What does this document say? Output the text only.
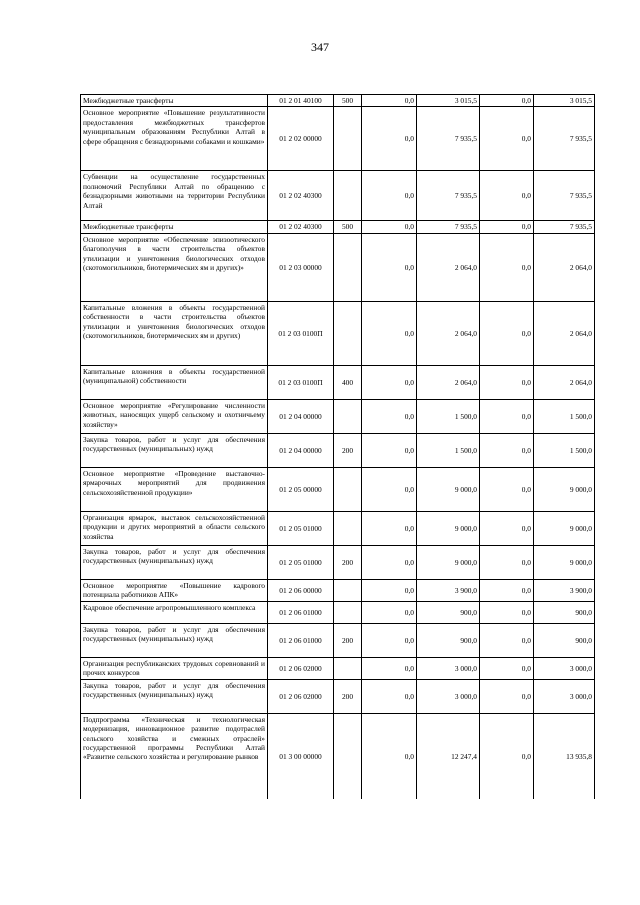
347
Межбюджетные трансферты	01 2 01 40100	500	0,0	3 015,5	0,0	3 015,5
Основное мероприятие «Повышение результативности предоставления межбюджетных трансфертов муниципальным образованиям Республики Алтай в сфере обращения с безнадзорными собаками и кошками»	01 2 02 00000		0,0	7 935,5	0,0	7 935,5
Субвенции на осуществление государственных полномочий Республики Алтай по обращению с безнадзорными животными на территории Республики Алтай	01 2 02 40300		0,0	7 935,5	0,0	7 935,5
Межбюджетные трансферты	01 2 02 40300	500	0,0	7 935,5	0,0	7 935,5
Основное мероприятие «Обеспечение эпизоотического благополучия в части строительства объектов утилизации и уничтожения биологических отходов (скотомогильников, биотермических ям и других)»	01 2 03 00000		0,0	2 064,0	0,0	2 064,0
Капитальные вложения в объекты государственной собственности в части строительства объектов утилизации и уничтожения биологических отходов (скотомогильников, биотермических ям и других)	01 2 03 0100П		0,0	2 064,0	0,0	2 064,0
Капитальные вложения в объекты государственной (муниципальной) собственности	01 2 03 0100П	400	0,0	2 064,0	0,0	2 064,0
Основное мероприятие «Регулирование численности животных, наносящих ущерб сельскому и охотничьему хозяйству»	01 2 04 00000		0,0	1 500,0	0,0	1 500,0
Закупка товаров, работ и услуг для обеспечения государственных (муниципальных) нужд	01 2 04 00000	200	0,0	1 500,0	0,0	1 500,0
Основное мероприятие «Проведение выставочно-ярмарочных мероприятий для продвижения сельскохозяйственной продукции»	01 2 05 00000		0,0	9 000,0	0,0	9 000,0
Организация ярмарок, выставок сельскохозяйственной продукции и других мероприятий в области сельского хозяйства	01 2 05 01000		0,0	9 000,0	0,0	9 000,0
Закупка товаров, работ и услуг для обеспечения государственных (муниципальных) нужд	01 2 05 01000	200	0,0	9 000,0	0,0	9 000,0
Основное мероприятие «Повышение кадрового потенциала работников АПК»	01 2 06 00000		0,0	3 900,0	0,0	3 900,0
Кадровое обеспечение агропромышленного комплекса	01 2 06 01000		0,0	900,0	0,0	900,0
Закупка товаров, работ и услуг для обеспечения государственных (муниципальных) нужд	01 2 06 01000	200	0,0	900,0	0,0	900,0
Организация республиканских трудовых соревнований и прочих конкурсов	01 2 06 02000		0,0	3 000,0	0,0	3 000,0
Закупка товаров, работ и услуг для обеспечения государственных (муниципальных) нужд	01 2 06 02000	200	0,0	3 000,0	0,0	3 000,0
Подпрограмма «Техническая и технологическая модернизация, инновационное развитие подотраслей сельского хозяйства и смежных отраслей» государственной программы Республики Алтай «Развитие сельского хозяйства и регулирование рынков	01 3 00 00000		0,0	12 247,4	0,0	13 935,8
